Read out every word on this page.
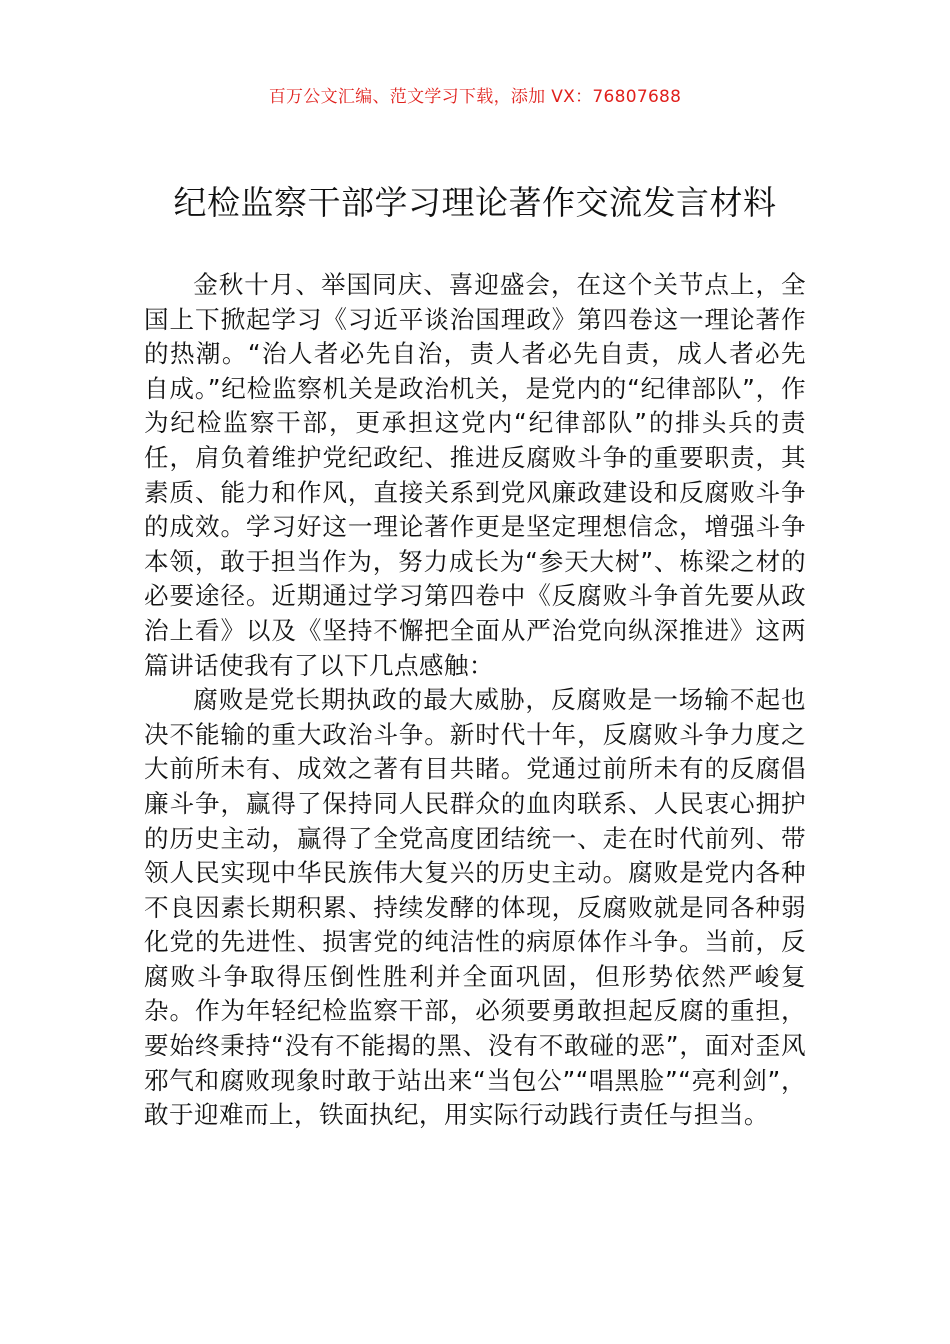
百万公文汇编、范文学习下载，添加 VX：76807688
纪检监察干部学习理论著作交流发言材料

金秋十月、举国同庆、喜迎盛会，在这个关节点上，全国上下掀起学习《习近平谈治国理政》第四卷这一理论著作的热潮。“治人者必先自治，责人者必先自责，成人者必先自成。”纪检监察机关是政治机关，是党内的“纪律部队”，作为纪检监察干部，更承担这党内“纪律部队”的排头兵的责任，肩负着维护党纪政纪、推进反腐败斗争的重要职责，其素质、能力和作风，直接关系到党风廉政建设和反腐败斗争的成效。学习好这一理论著作更是坚定理想信念，增强斗争本领，敢于担当作为，努力成长为“参天大树”、栋梁之材的必要途径。近期通过学习第四卷中《反腐败斗争首先要从政治上看》以及《坚持不懈把全面从严治党向纵深推进》这两篇讲话使我有了以下几点感触：

腐败是党长期执政的最大威胁，反腐败是一场输不起也决不能输的重大政治斗争。新时代十年，反腐败斗争力度之大前所未有、成效之著有目共睹。党通过前所未有的反腐倡廉斗争，赢得了保持同人民群众的血肉联系、人民衷心拥护的历史主动，赢得了全党高度团结统一、走在时代前列、带领人民实现中华民族伟大复兴的历史主动。腐败是党内各种不良因素长期积累、持续发酵的体现，反腐败就是同各种弱化党的先进性、损害党的纯洁性的病原体作斗争。当前，反腐败斗争取得压倒性胜利并全面巩固，但形势依然严峻复杂。作为年轻纪检监察干部，必须要勇敢担起反腐的重担，要始终秉持“没有不能揭的黑、没有不敢碰的恶”，面对歪风邪气和腐败现象时敢于站出来“当包公”“唱黑脸”“亮利剑”，敢于迎难而上，铁面执纪，用实际行动践行责任与担当。
